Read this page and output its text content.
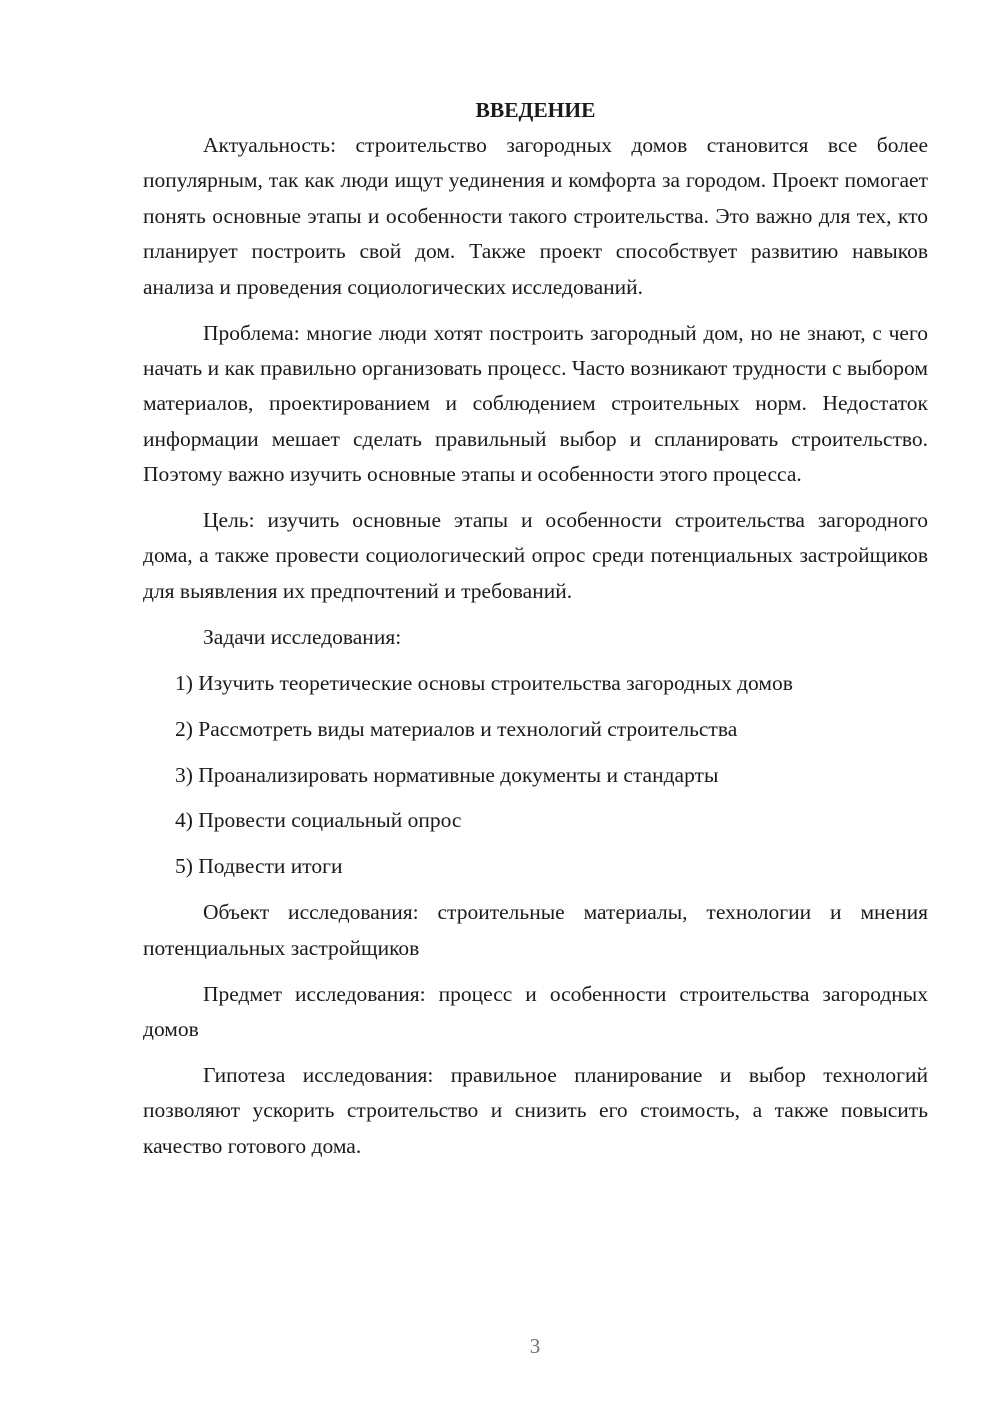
ВВЕДЕНИЕ

Актуальность: строительство загородных домов становится все более популярным, так как люди ищут уединения и комфорта за городом. Проект помогает понять основные этапы и особенности такого строительства. Это важно для тех, кто планирует построить свой дом. Также проект способствует развитию навыков анализа и проведения социологических исследований.

Проблема: многие люди хотят построить загородный дом, но не знают, с чего начать и как правильно организовать процесс. Часто возникают трудности с выбором материалов, проектированием и соблюдением строительных норм. Недостаток информации мешает сделать правильный выбор и спланировать строительство. Поэтому важно изучить основные этапы и особенности этого процесса.

Цель: изучить основные этапы и особенности строительства загородного дома, а также провести социологический опрос среди потенциальных застройщиков для выявления их предпочтений и требований.

Задачи исследования:

1) Изучить теоретические основы строительства загородных домов

2) Рассмотреть виды материалов и технологий строительства

3) Проанализировать нормативные документы и стандарты

4) Провести социальный опрос

5) Подвести итоги

Объект исследования: строительные материалы, технологии и мнения потенциальных застройщиков

Предмет исследования: процесс и особенности строительства загородных домов

Гипотеза исследования: правильное планирование и выбор технологий позволяют ускорить строительство и снизить его стоимость, а также повысить качество готового дома.

3
